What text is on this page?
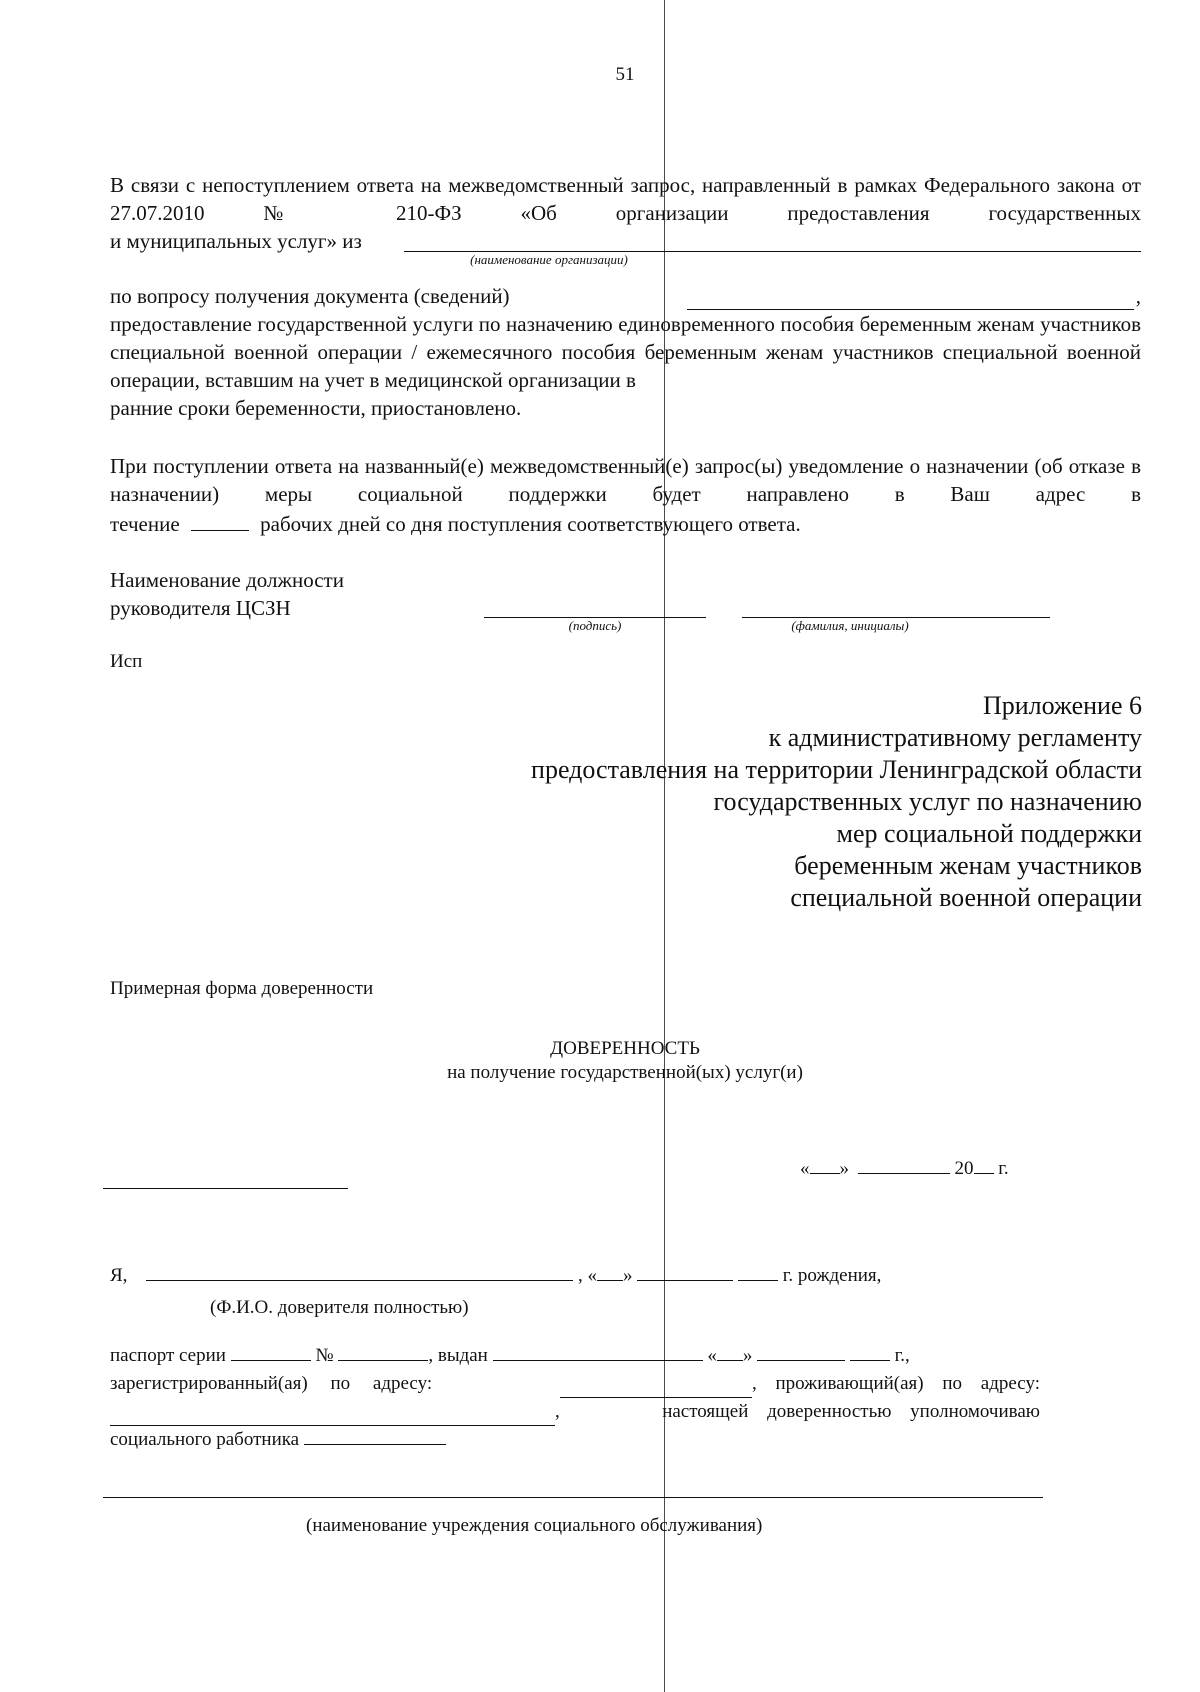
51

В связи с непоступлением ответа на межведомственный запрос, направленный в рамках Федерального закона от 27.07.2010 № 210-ФЗ «Об организации предоставления государственных

и муниципальных услуг» из
(наименование организации)
по вопросу получения документа (сведений)	,

предоставление государственной услуги по назначению единовременного пособия беременным женам участников специальной военной операции / ежемесячного пособия беременным женам участников специальной военной операции, вставшим на учет в медицинской организации в

ранние сроки беременности, приостановлено.

При поступлении ответа на названный(е) межведомственный(е) запрос(ы) уведомление о назначении (об отказе в назначении) меры социальной поддержки будет направлено в Ваш адрес в

течение	рабочих дней со дня поступления соответствующего ответа.
Наименование должности
руководителя ЦСЗН
(подпись)	(фамилия, инициалы)
Исп
Приложение 6
к административному регламенту
предоставления на территории Ленинградской области
государственных услуг по назначению
мер социальной поддержки
беременным женам участников
специальной военной операции
Примерная форма доверенности
ДОВЕРЕННОСТЬ
на получение государственной(ых) услуг(и)
« »	20 г.
Я,	, « »	г. рождения,
(Ф.И.О. доверителя полностью)
паспорт серии	№	, выдан	« »	г.,
зарегистрированный(ая) по адресу:	, проживающий(ая) по адресу:
,	настоящей доверенностью уполномочиваю
социального работника
(наименование учреждения социального обслуживания)
